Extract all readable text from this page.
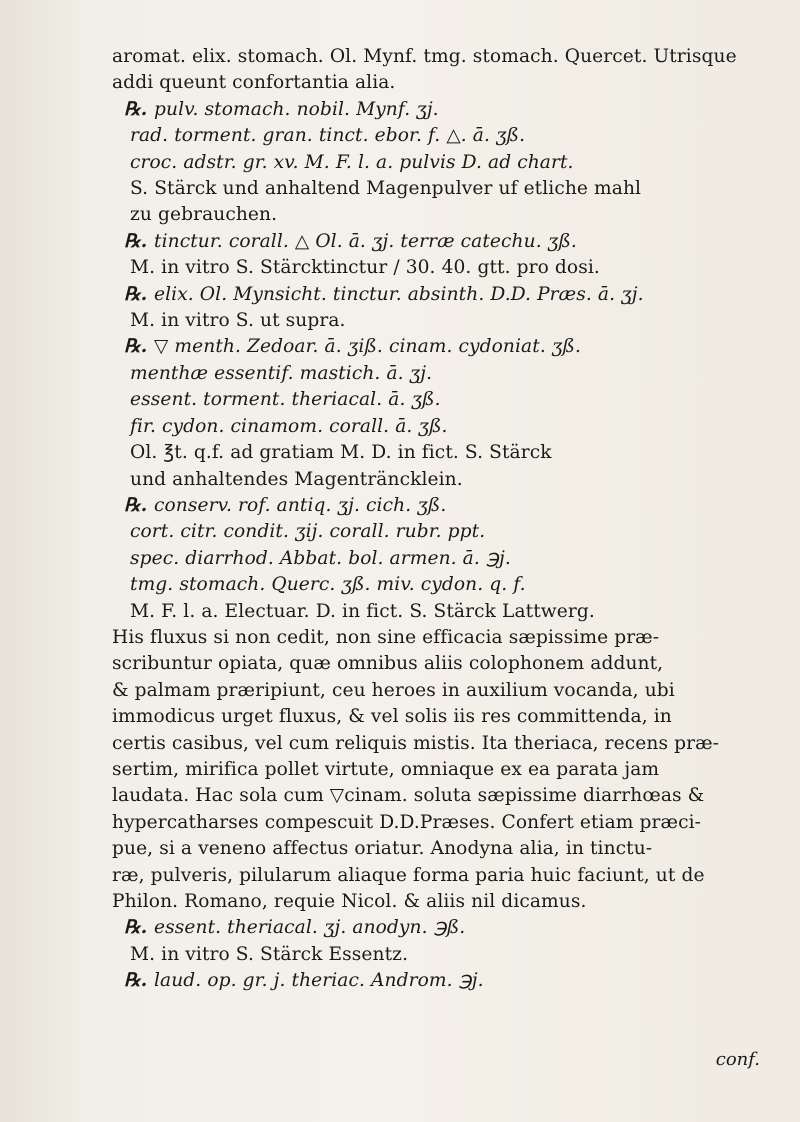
aromat. elix. stomach. Ol. Mynf. tmg. stomach. Quercet. Utrisque
addi queunt confortantia alia.
℞. pulv. stomach. nobil. Mynf. ʒj.
rad. torment. gran. tinct. ebor. f. △. ā. ʒß.
croc. adstr. gr. xv. M. F. l. a. pulvis D. ad chart.
S. Stärck und anhaltend Magenpulver uf etliche mahl
zu gebrauchen.
℞. tinctur. corall. △ Ol. ā. ʒj. terræ catechu. ʒß.
M. in vitro S. Stärcktinctur / 30. 40. gtt. pro dosi.
℞. elix. Ol. Mynsicht. tinctur. absinth. D.D. Præs. ā. ʒj.
M. in vitro S. ut supra.
℞. ▽ menth. Zedoar. ā. ʒiß. cinam. cydoniat. ʒß.
menthæ essentif. mastich. ā. ʒj.
essent. torment. theriacal. ā. ʒß.
fir. cydon. cinamom. corall. ā. ʒß.
Ol. ℥t. q.f. ad gratiam M. D. in fict. S. Stärck
und anhaltendes Magenträncklein.
℞. conserv. rof. antiq. ʒj. cich. ʒß.
cort. citr. condit. ʒij. corall. rubr. ppt.
spec. diarrhod. Abbat. bol. armen. ā. ℈j.
tmg. stomach. Querc. ʒß. miv. cydon. q. f.
M. F. l. a. Electuar. D. in fict. S. Stärck Lattwerg.
His fluxus si non cedit, non sine efficacia sæpissime præ-
scribuntur opiata, quæ omnibus aliis colophonem addunt,
& palmam præripiunt, ceu heroes in auxilium vocanda, ubi
immodicus urget fluxus, & vel solis iis res committenda, in
certis casibus, vel cum reliquis mistis. Ita theriaca, recens præ-
sertim, mirifica pollet virtute, omniaque ex ea parata jam
laudata. Hac sola cum ▽cinam. soluta sæpissime diarrhœas &
hypercatharses compescuit D.D.Præses. Confert etiam præci-
pue, si a veneno affectus oriatur. Anodyna alia, in tinctu-
ræ, pulveris, pilularum aliaque forma paria huic faciunt, ut de
Philon. Romano, requie Nicol. & aliis nil dicamus.
℞. essent. theriacal. ʒj. anodyn. ℈ß.
M. in vitro S. Stärck Essentz.
℞. laud. op. gr. j. theriac. Androm. ℈j.
conf.
